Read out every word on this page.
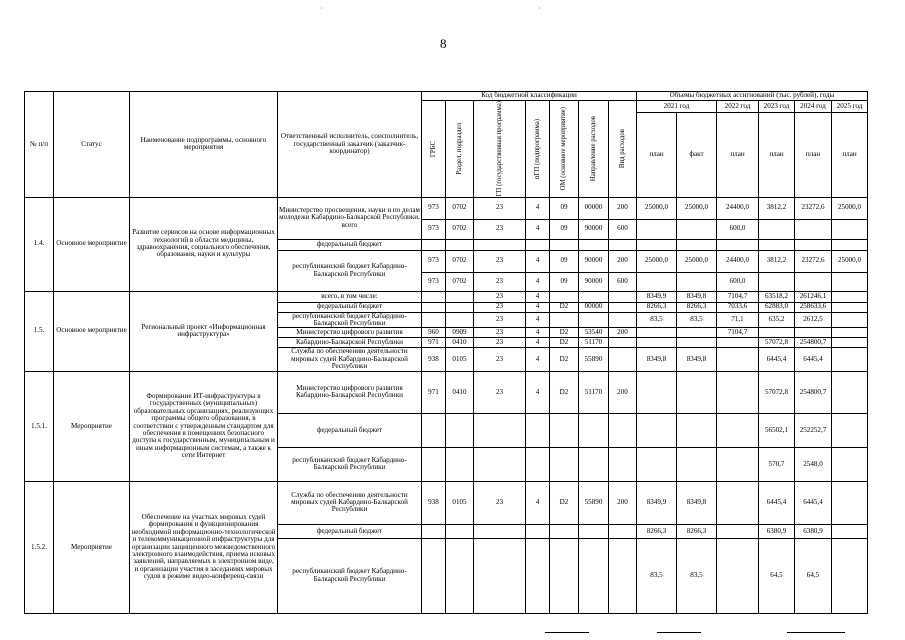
8
·	·
№ п/п	Статус	Наименование подпрограммы, основного мероприятия	Ответственный исполнитель, соисполнитель, государственный заказчик (заказчик-координатор)	Код бюджетной классификации							Объемы бюджетных ассигнований (тыс. рублей), годы					

				ГРБС	Раздел, подраздел	ГП (государственная программа)	пГП (подпрограмма)	ОМ (основное мероприятие)	Направление расходов	Вид расходов	2021 год		2022 год	2023 год	2024 год	2025 год
											план	факт	план	план	план	план
1.4.	Основное мероприятие	Развитие сервисов на основе информационных технологий в области медицины, здравоохранения, социального обеспечения, образования, науки и культуры	Министерство просвещения, науки и по делам молодежи Кабардино-Балкарской Республики, всего	973	0702	23	4	09	00000	200	25000,0	25000,0	24400,0	3812,2	23272,6	25000,0
				973	0702	23	4	09	90000	600			600,0			
			федеральный бюджет													
			республиканский бюджет Кабардино-Балкарской Республики	973	0702	23	4	09	90000	200	25000,0	25000,0	24400,0	3812,2	23272,6	25000,0
				973	0702	23	4	09	90000	600			600,0			
1.5.	Основное мероприятие	Региональный проект «Информационная инфраструктура»	всего, в том числе:			23	4				8349,9	8349,8	7104,7	63518,2	261246,1	
			федеральный бюджет			23	4	D2	00000		8266,3	8266,3	7033,6	62883,0	258633,6	
			республиканский бюджет Кабардино-Балкарской Республики			23	4				83,5	83,5	71,1	635,2	2612,5	
			Министерство цифрового развития	960	0909	23	4	D2	53540	200			7104,7			
			Кабардино-Балкарской Республики	971	0410	23	4	D2	51170					57072,8	254800,7	
			Служба по обеспечению деятельности мировых судей Кабардино-Балкарской Республики	938	0105	23	4	D2	55890		8349,8	8349,8		6445,4	6445,4	
1.5.1.	Мероприятие	Формирование ИТ-инфраструктуры в государственных (муниципальных) образовательных организациях, реализующих программы общего образования, в соответствии с утвержденным стандартом для обеспечения в помещениях безопасного доступа к государственным, муниципальным и иным информационным системам, а также к сети Интернет	Министерство цифрового развития Кабардино-Балкарской Республики	971	0410	23	4	D2	51170	200				57072,8	254800,7	
			федеральный бюджет											56502,1	252252,7	
			республиканский бюджет Кабардино-Балкарской Республики											570,7	2548,0	
1.5.2.	Мероприятие	Обеспечение на участках мировых судей формирования и функционирования необходимой информационно-технологической и телекоммуникационной инфраструктуры для организации защищенного межведомственного электронного взаимодействия, приема исковых заявлений, направляемых в электронном виде, и организации участия в заседаниях мировых судов в режиме видео-конференц-связи	Служба по обеспечению деятельности мировых судей Кабардино-Балкарской Республики	938	0105	23	4	D2	55890	200	8349,9	8349,8		6445,4	6445,4	
			федеральный бюджет								8266,3	8266,3		6380,9	6380,9	
			республиканский бюджет Кабардино-Балкарской Республики								83,5	83,5		64,5	64,5	
